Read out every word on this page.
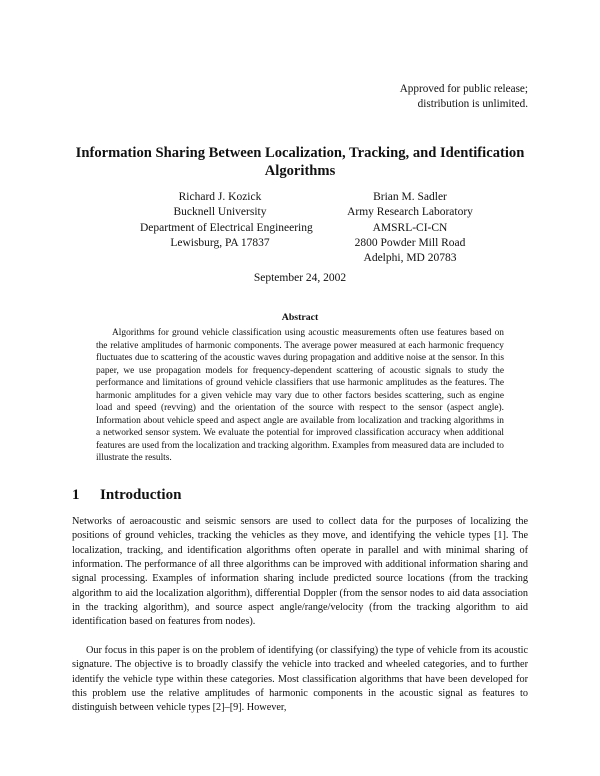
Approved for public release;
distribution is unlimited.
Information Sharing Between Localization, Tracking, and Identification Algorithms
Richard J. Kozick
Bucknell University
Department of Electrical Engineering
Lewisburg, PA 17837
Brian M. Sadler
Army Research Laboratory
AMSRL-CI-CN
2800 Powder Mill Road
Adelphi, MD 20783
September 24, 2002
Abstract
Algorithms for ground vehicle classification using acoustic measurements often use features based on the relative amplitudes of harmonic components. The average power measured at each harmonic frequency fluctuates due to scattering of the acoustic waves during propagation and additive noise at the sensor. In this paper, we use propagation models for frequency-dependent scattering of acoustic signals to study the performance and limitations of ground vehicle classifiers that use harmonic amplitudes as the features. The harmonic amplitudes for a given vehicle may vary due to other factors besides scattering, such as engine load and speed (revving) and the orientation of the source with respect to the sensor (aspect angle). Information about vehicle speed and aspect angle are available from localization and tracking algorithms in a networked sensor system. We evaluate the potential for improved classification accuracy when additional features are used from the localization and tracking algorithm. Examples from measured data are included to illustrate the results.
1 Introduction
Networks of aeroacoustic and seismic sensors are used to collect data for the purposes of localizing the positions of ground vehicles, tracking the vehicles as they move, and identifying the vehicle types [1]. The localization, tracking, and identification algorithms often operate in parallel and with minimal sharing of information. The performance of all three algorithms can be improved with additional information sharing and signal processing. Examples of information sharing include predicted source locations (from the tracking algorithm to aid the localization algorithm), differential Doppler (from the sensor nodes to aid data association in the tracking algorithm), and source aspect angle/range/velocity (from the tracking algorithm to aid identification based on features from nodes).
Our focus in this paper is on the problem of identifying (or classifying) the type of vehicle from its acoustic signature. The objective is to broadly classify the vehicle into tracked and wheeled categories, and to further identify the vehicle type within these categories. Most classification algorithms that have been developed for this problem use the relative amplitudes of harmonic components in the acoustic signal as features to distinguish between vehicle types [2]–[9]. However,
